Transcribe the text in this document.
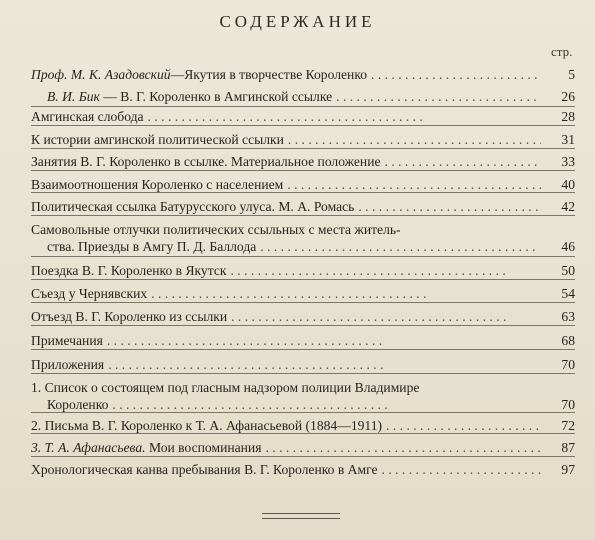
СОДЕРЖАНИЕ
стр.
Проф. М. К. Азадовский—Якутия в творчестве Короленко . .	5
В. И. Бик — В. Г. Короленко в Амгинской ссылке . .	26
Амгинская слобода . .	28
К истории амгинской политической ссылки . .	31
Занятия В. Г. Короленко в ссылке. Материальное положение . .	33
Взаимоотношения Короленко с населением . .	40
Политическая ссылка Батурусского улуса. М. А. Ромась . .	42
Самовольные отлучки политических ссыльных с места житель-
ства. Приезды в Амгу П. Д. Баллода . .	46
Поездка В. Г. Короленко в Якутск . .	50
Съезд у Чернявских . .	54
Отъезд В. Г. Короленко из ссылки . .	63
Примечания . .	68
Приложения . .	70
1. Список о состоящем под гласным надзором полиции Владимире
Короленко . .	70
2. Письма В. Г. Короленко к Т. А. Афанасьевой (1884—1911) . .	72
3. Т. А. Афанасьева. Мои воспоминания . .	87
Хронологическая канва пребывания В. Г. Короленко в Амге . .	97
